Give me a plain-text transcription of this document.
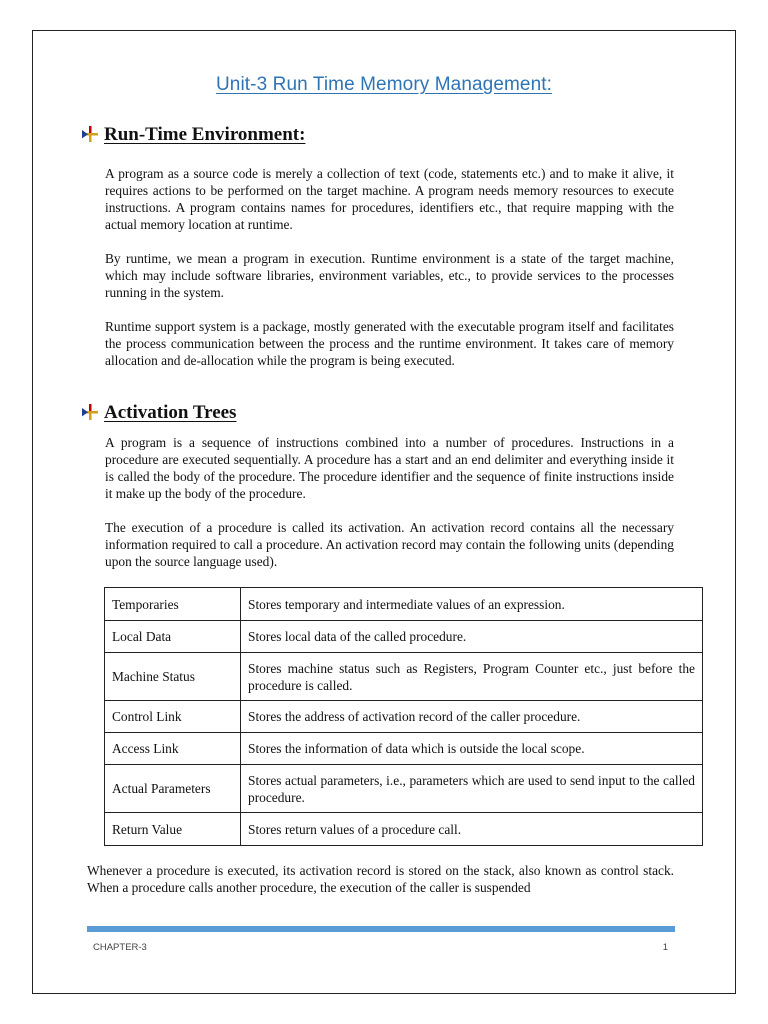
Unit-3 Run Time Memory Management:
Run-Time Environment:

A program as a source code is merely a collection of text (code, statements etc.) and to make it alive, it requires actions to be performed on the target machine. A program needs memory resources to execute instructions. A program contains names for procedures, identifiers etc., that require mapping with the actual memory location at runtime.

By runtime, we mean a program in execution. Runtime environment is a state of the target machine, which may include software libraries, environment variables, etc., to provide services to the processes running in the system.

Runtime support system is a package, mostly generated with the executable program itself and facilitates the process communication between the process and the runtime environment. It takes care of memory allocation and de-allocation while the program is being executed.

Activation Trees

A program is a sequence of instructions combined into a number of procedures. Instructions in a procedure are executed sequentially. A procedure has a start and an end delimiter and everything inside it is called the body of the procedure. The procedure identifier and the sequence of finite instructions inside it make up the body of the procedure.

The execution of a procedure is called its activation. An activation record contains all the necessary information required to call a procedure. An activation record may contain the following units (depending upon the source language used).

Temporaries	Stores temporary and intermediate values of an expression.
Local Data	Stores local data of the called procedure.
Machine Status	Stores machine status such as Registers, Program Counter etc., just before the procedure is called.
Control Link	Stores the address of activation record of the caller procedure.
Access Link	Stores the information of data which is outside the local scope.
Actual Parameters	Stores actual parameters, i.e., parameters which are used to send input to the called procedure.
Return Value	Stores return values of a procedure call.

Whenever a procedure is executed, its activation record is stored on the stack, also known as control stack. When a procedure calls another procedure, the execution of the caller is suspended

CHAPTER-3	1
